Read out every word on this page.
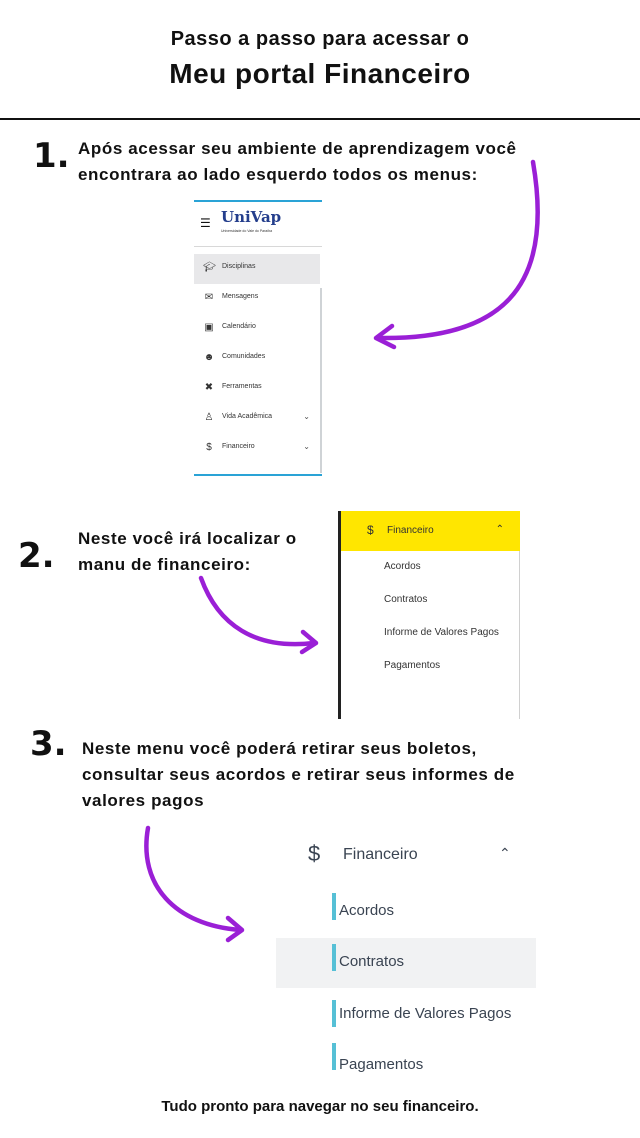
Passo a passo para acessar o
Meu portal Financeiro
1. Após acessar seu ambiente de aprendizagem você
encontrara ao lado esquerdo todos os menus:
☰ UniVap
Universidade do Vale do Paraíba
🎓︎ Disciplinas
✉ Mensagens
▣ Calendário
☻ Comunidades
✖ Ferramentas
♙ Vida Acadêmica	⌄
$	Financeiro	⌄
2. Neste você irá localizar o
manu de financeiro:
$ Financeiro	⌃
Acordos
Contratos
Informe de Valores Pagos
Pagamentos
3. Neste menu você poderá retirar seus boletos,
consultar seus acordos e retirar seus informes de
valores pagos
$ Financeiro	⌃
Acordos
Contratos
Informe de Valores Pagos
Pagamentos
Tudo pronto para navegar no seu financeiro.
